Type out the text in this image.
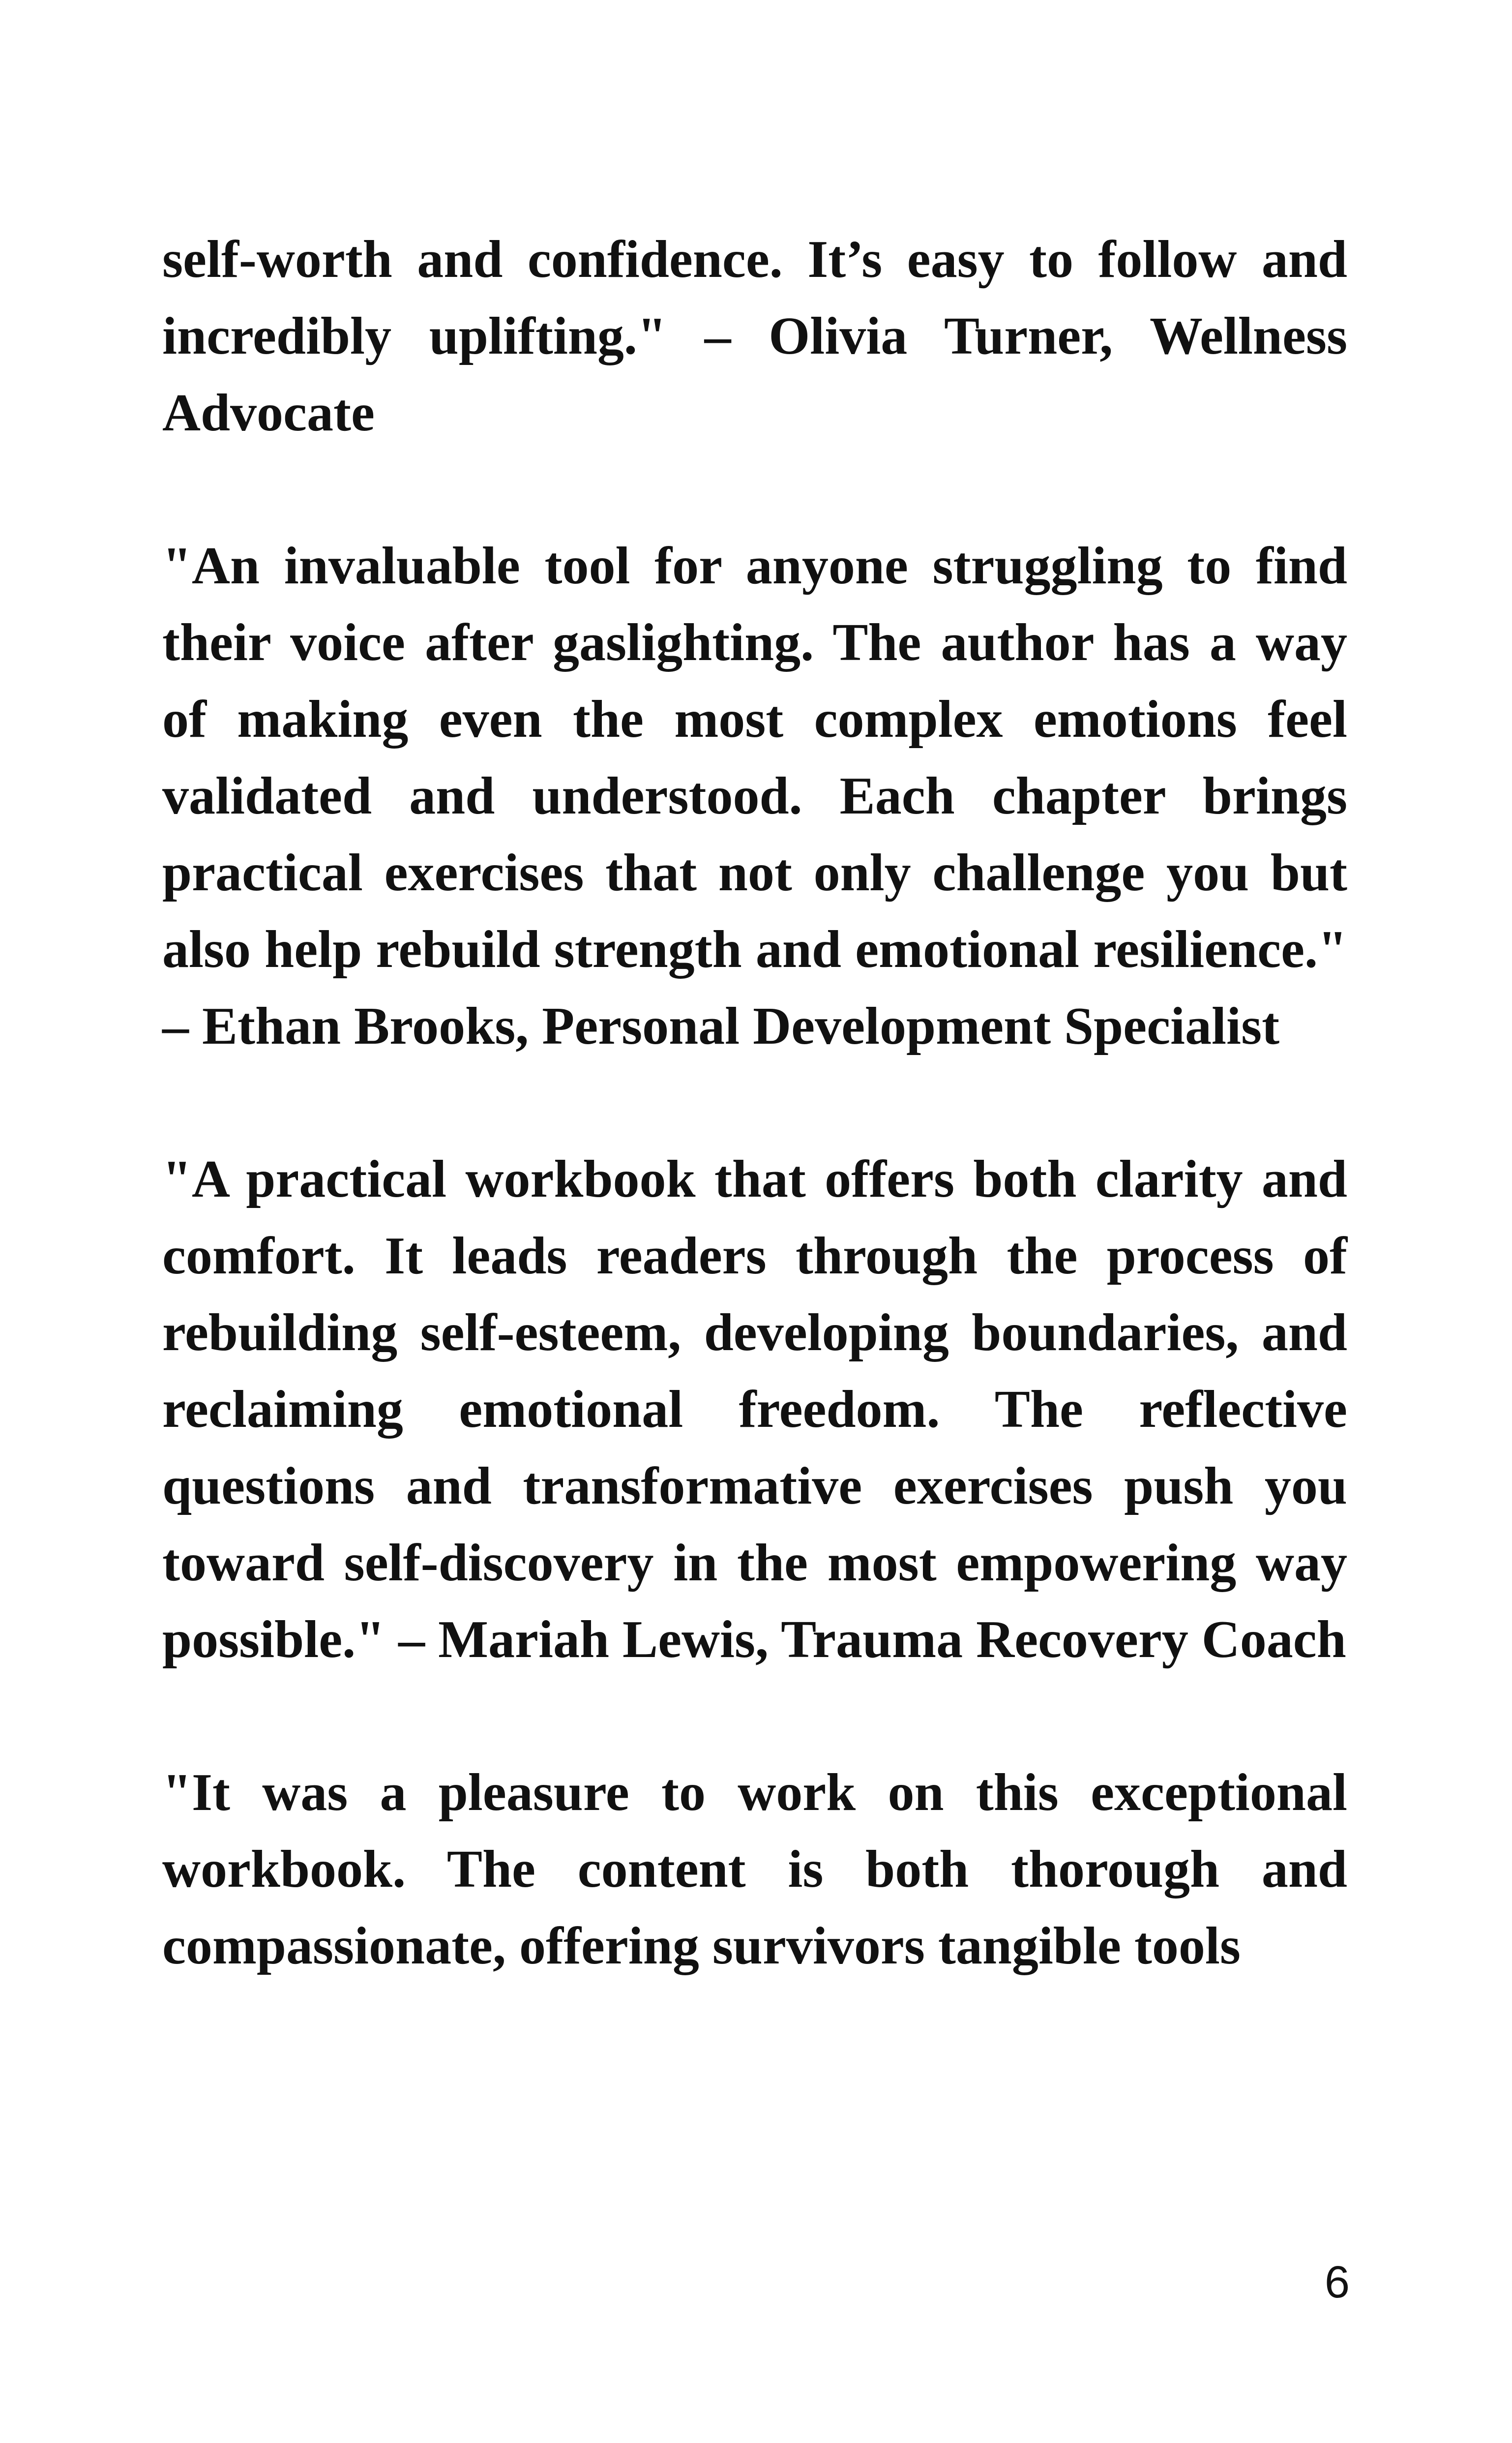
self-worth and confidence. It’s easy to follow and incredibly uplifting." – Olivia Turner, Wellness Advocate

"An invaluable tool for anyone struggling to find their voice after gaslighting. The author has a way of making even the most complex emotions feel validated and understood. Each chapter brings practical exercises that not only challenge you but also help rebuild strength and emotional resilience." – Ethan Brooks, Personal Development Specialist

"A practical workbook that offers both clarity and comfort. It leads readers through the process of rebuilding self-esteem, developing boundaries, and reclaiming emotional freedom. The reflective questions and transformative exercises push you toward self-discovery in the most empowering way possible." – Mariah Lewis, Trauma Recovery Coach

"It was a pleasure to work on this exceptional workbook. The content is both thorough and compassionate, offering survivors tangible tools

6
